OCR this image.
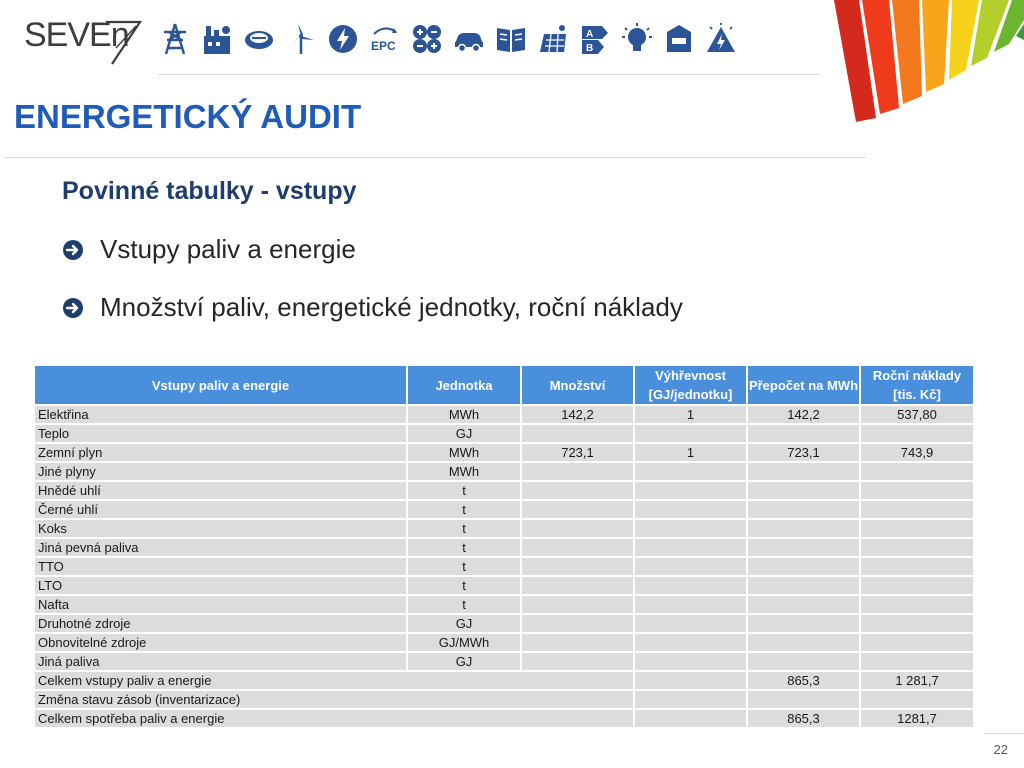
SEVEn	EPC
A
B
ENERGETICKÝ AUDIT
Povinné tabulky - vstupy
Vstupy paliv a energie
Množství paliv, energetické jednotky, roční náklady
Vstupy paliv a energie	Jednotka	Množství	Výhřevnost [GJ/jednotku]	Přepočet na MWh	Roční náklady [tis. Kč]
Elektřina	MWh	142,2	1	142,2	537,80
Teplo	GJ				
Zemní plyn	MWh	723,1	1	723,1	743,9
Jiné plyny	MWh				
Hnědé uhlí	t				
Černé uhlí	t				
Koks	t				
Jiná pevná paliva	t				
TTO	t				
LTO	t				
Nafta	t				
Druhotné zdroje	GJ				
Obnovitelné zdroje	GJ/MWh				
Jiná paliva	GJ				
Celkem vstupy paliv a energie				865,3	1 281,7
Změna stavu zásob (inventarizace)					
Celkem spotřeba paliv a energie				865,3	1281,7
22
